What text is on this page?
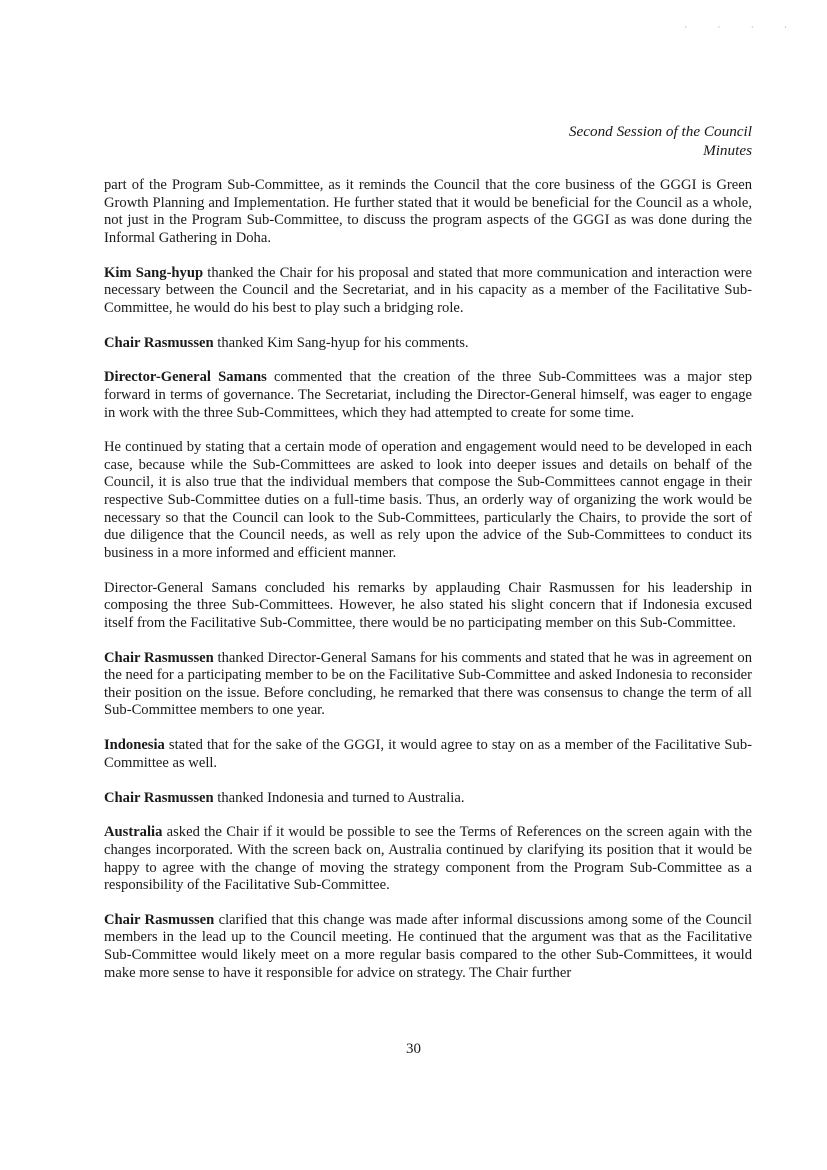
· · · ·
Second Session of the Council
Minutes

part of the Program Sub-Committee, as it reminds the Council that the core business of the GGGI is Green Growth Planning and Implementation. He further stated that it would be beneficial for the Council as a whole, not just in the Program Sub-Committee, to discuss the program aspects of the GGGI as was done during the Informal Gathering in Doha.

Kim Sang-hyup thanked the Chair for his proposal and stated that more communication and interaction were necessary between the Council and the Secretariat, and in his capacity as a member of the Facilitative Sub-Committee, he would do his best to play such a bridging role.

Chair Rasmussen thanked Kim Sang-hyup for his comments.

Director-General Samans commented that the creation of the three Sub-Committees was a major step forward in terms of governance. The Secretariat, including the Director-General himself, was eager to engage in work with the three Sub-Committees, which they had attempted to create for some time.

He continued by stating that a certain mode of operation and engagement would need to be developed in each case, because while the Sub-Committees are asked to look into deeper issues and details on behalf of the Council, it is also true that the individual members that compose the Sub-Committees cannot engage in their respective Sub-Committee duties on a full-time basis. Thus, an orderly way of organizing the work would be necessary so that the Council can look to the Sub-Committees, particularly the Chairs, to provide the sort of due diligence that the Council needs, as well as rely upon the advice of the Sub-Committees to conduct its business in a more informed and efficient manner.

Director-General Samans concluded his remarks by applauding Chair Rasmussen for his leadership in composing the three Sub-Committees. However, he also stated his slight concern that if Indonesia excused itself from the Facilitative Sub-Committee, there would be no participating member on this Sub-Committee.

Chair Rasmussen thanked Director-General Samans for his comments and stated that he was in agreement on the need for a participating member to be on the Facilitative Sub-Committee and asked Indonesia to reconsider their position on the issue. Before concluding, he remarked that there was consensus to change the term of all Sub-Committee members to one year.

Indonesia stated that for the sake of the GGGI, it would agree to stay on as a member of the Facilitative Sub-Committee as well.

Chair Rasmussen thanked Indonesia and turned to Australia.

Australia asked the Chair if it would be possible to see the Terms of References on the screen again with the changes incorporated. With the screen back on, Australia continued by clarifying its position that it would be happy to agree with the change of moving the strategy component from the Program Sub-Committee as a responsibility of the Facilitative Sub-Committee.

Chair Rasmussen clarified that this change was made after informal discussions among some of the Council members in the lead up to the Council meeting. He continued that the argument was that as the Facilitative Sub-Committee would likely meet on a more regular basis compared to the other Sub-Committees, it would make more sense to have it responsible for advice on strategy. The Chair further

30
